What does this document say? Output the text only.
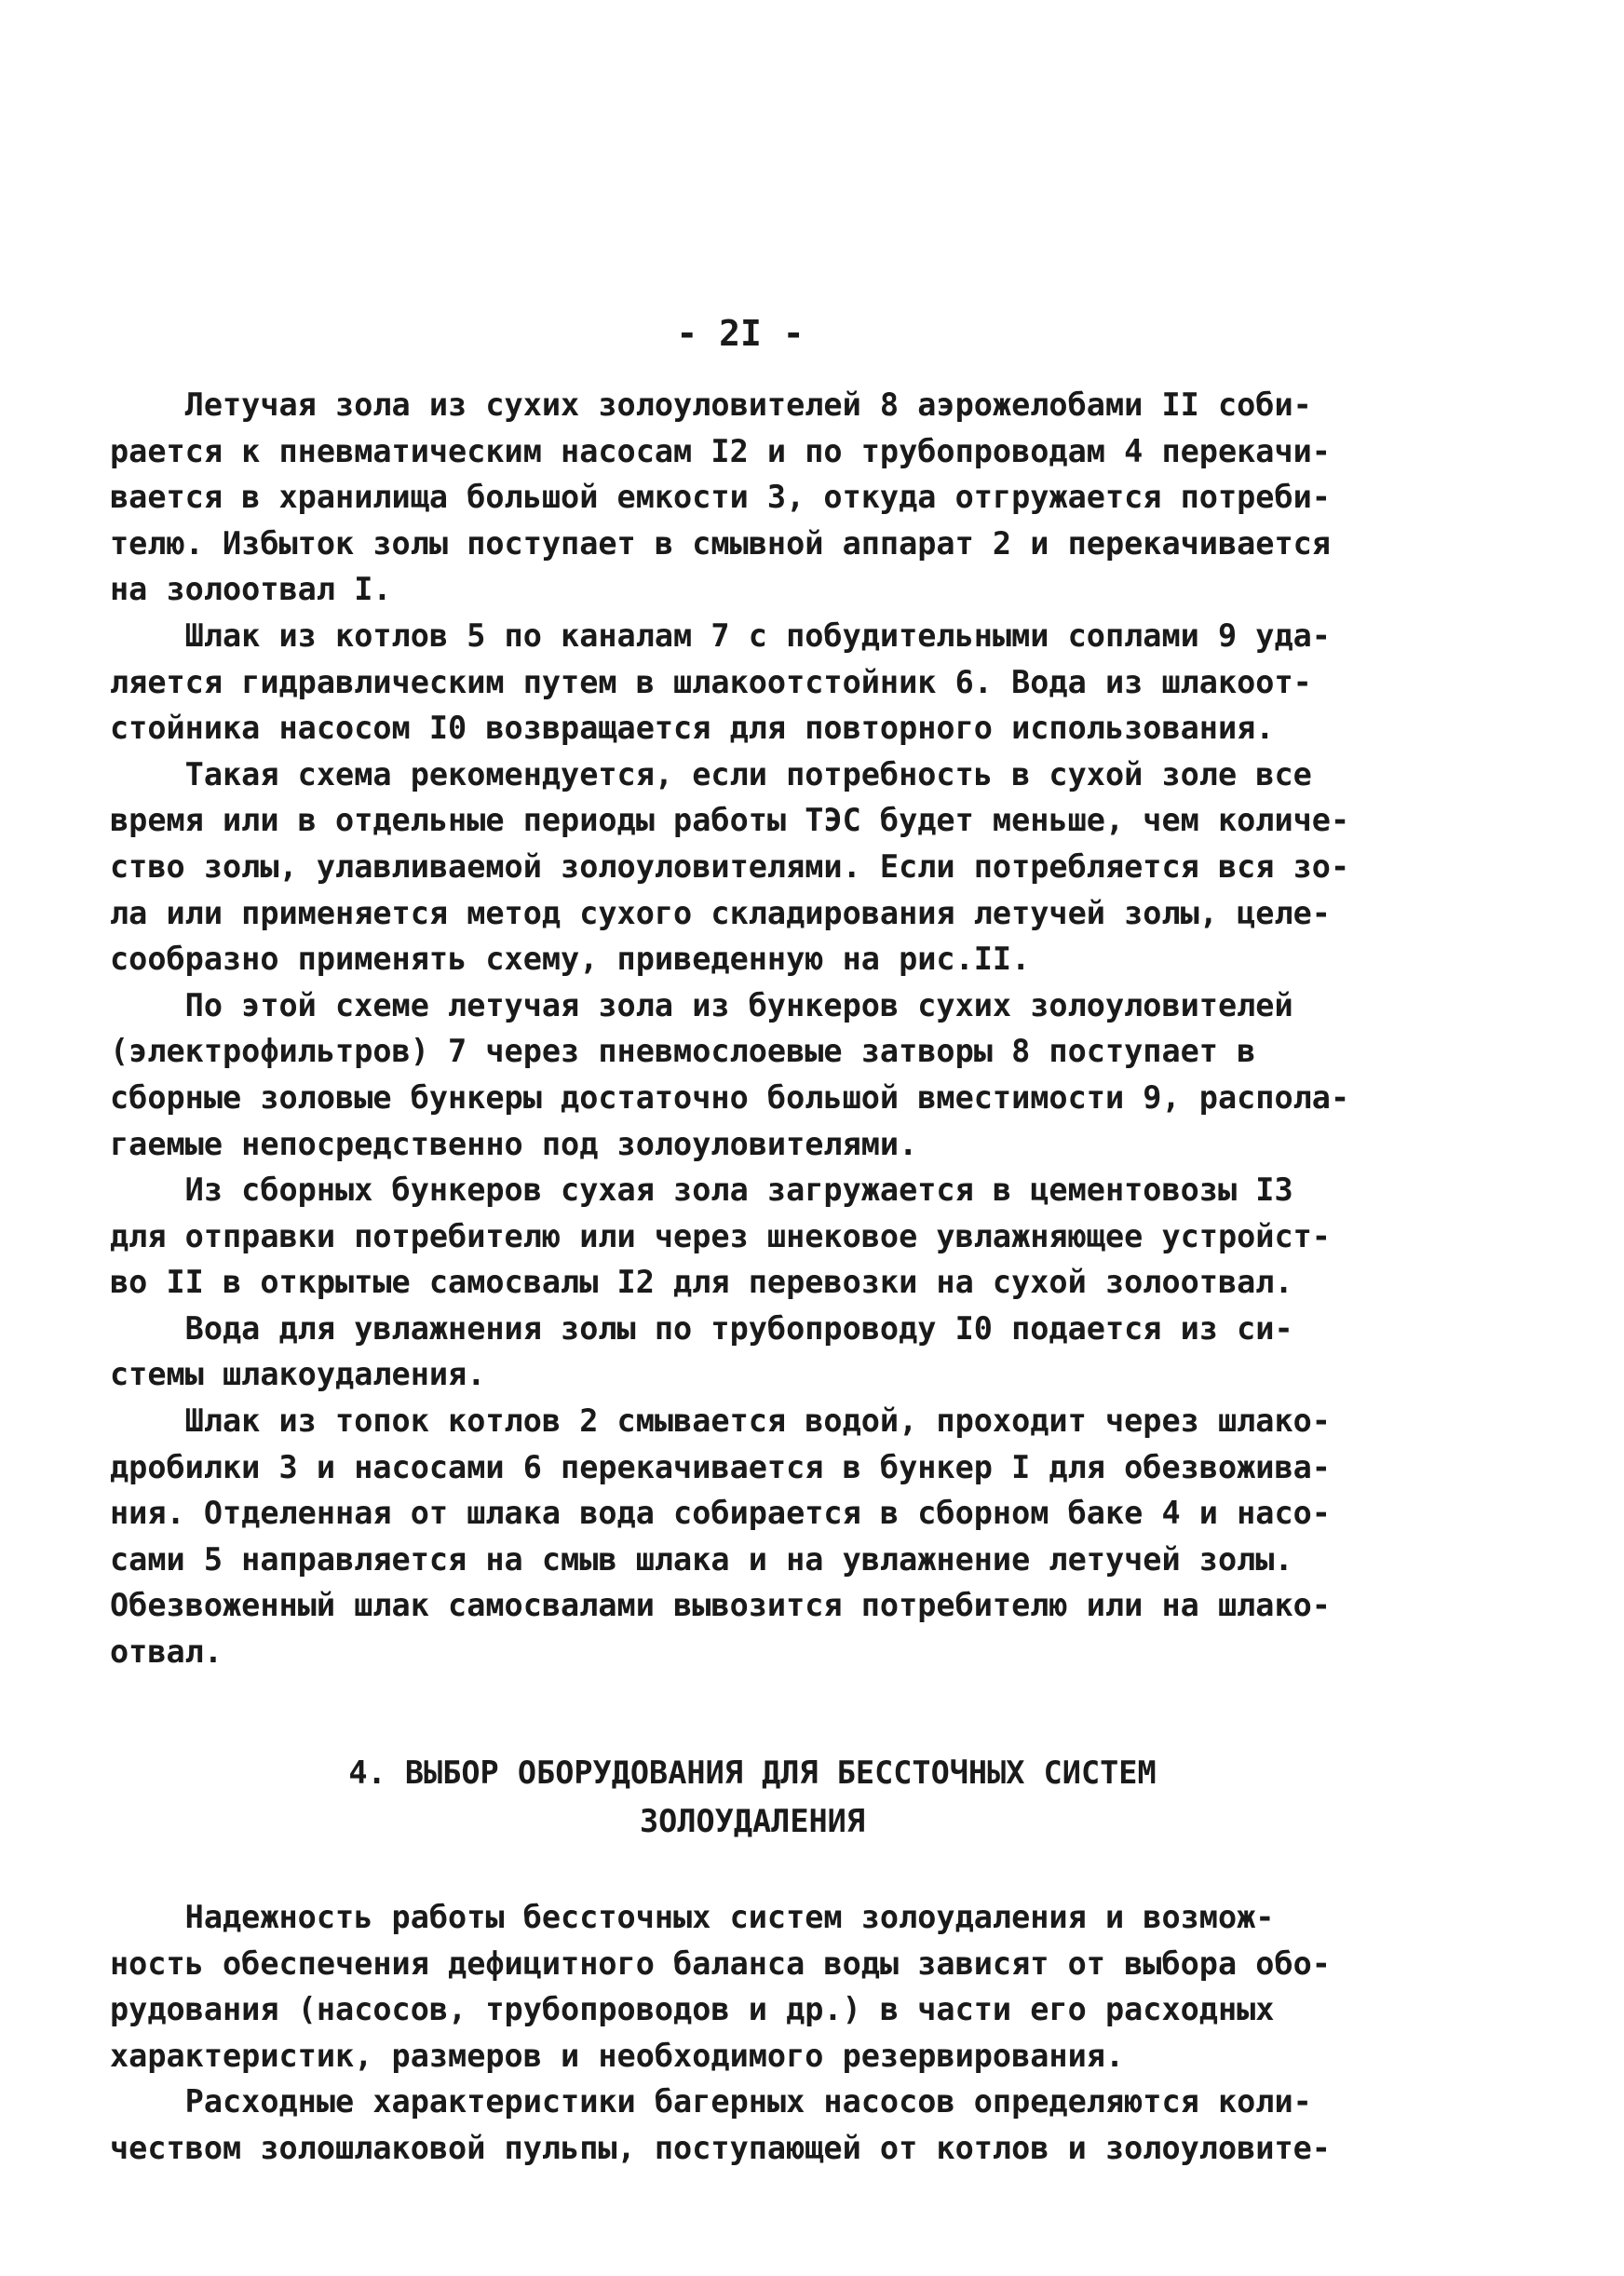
- 2I -
Летучая зола из сухих золоуловителей 8 аэрожелобами II соби-
рается к пневматическим насосам I2 и по трубопроводам 4 перекачи-
вается в хранилища большой емкости 3, откуда отгружается потреби-
телю. Избыток золы поступает в смывной аппарат 2 и перекачивается
на золоотвал I.
Шлак из котлов 5 по каналам 7 с побудительными соплами 9 уда-
ляется гидравлическим путем в шлакоотстойник 6. Вода из шлакоот-
стойника насосом I0 возвращается для повторного использования.
Такая схема рекомендуется, если потребность в сухой золе все
время или в отдельные периоды работы ТЭС будет меньше, чем количе-
ство золы, улавливаемой золоуловителями. Если потребляется вся зо-
ла или применяется метод сухого складирования летучей золы, целе-
сообразно применять схему, приведенную на рис.II.
По этой схеме летучая зола из бункеров сухих золоуловителей
(электрофильтров) 7 через пневмослоевые затворы 8 поступает в
сборные золовые бункеры достаточно большой вместимости 9, распола-
гаемые непосредственно под золоуловителями.
Из сборных бункеров сухая зола загружается в цементовозы I3
для отправки потребителю или через шнековое увлажняющее устройст-
во II в открытые самосвалы I2 для перевозки на сухой золоотвал.
Вода для увлажнения золы по трубопроводу I0 подается из си-
стемы шлакоудаления.
Шлак из топок котлов 2 смывается водой, проходит через шлако-
дробилки 3 и насосами 6 перекачивается в бункер I для обезвожива-
ния. Отделенная от шлака вода собирается в сборном баке 4 и насо-
сами 5 направляется на смыв шлака и на увлажнение летучей золы.
Обезвоженный шлак самосвалами вывозится потребителю или на шлако-
отвал.
4. ВЫБОР ОБОРУДОВАНИЯ ДЛЯ БЕССТОЧНЫХ СИСТЕМ
ЗОЛОУДАЛЕНИЯ
Надежность работы бессточных систем золоудаления и возмож-
ность обеспечения дефицитного баланса воды зависят от выбора обо-
рудования (насосов, трубопроводов и др.) в части его расходных
характеристик, размеров и необходимого резервирования.
Расходные характеристики багерных насосов определяются коли-
чеством золошлаковой пульпы, поступающей от котлов и золоуловите-
